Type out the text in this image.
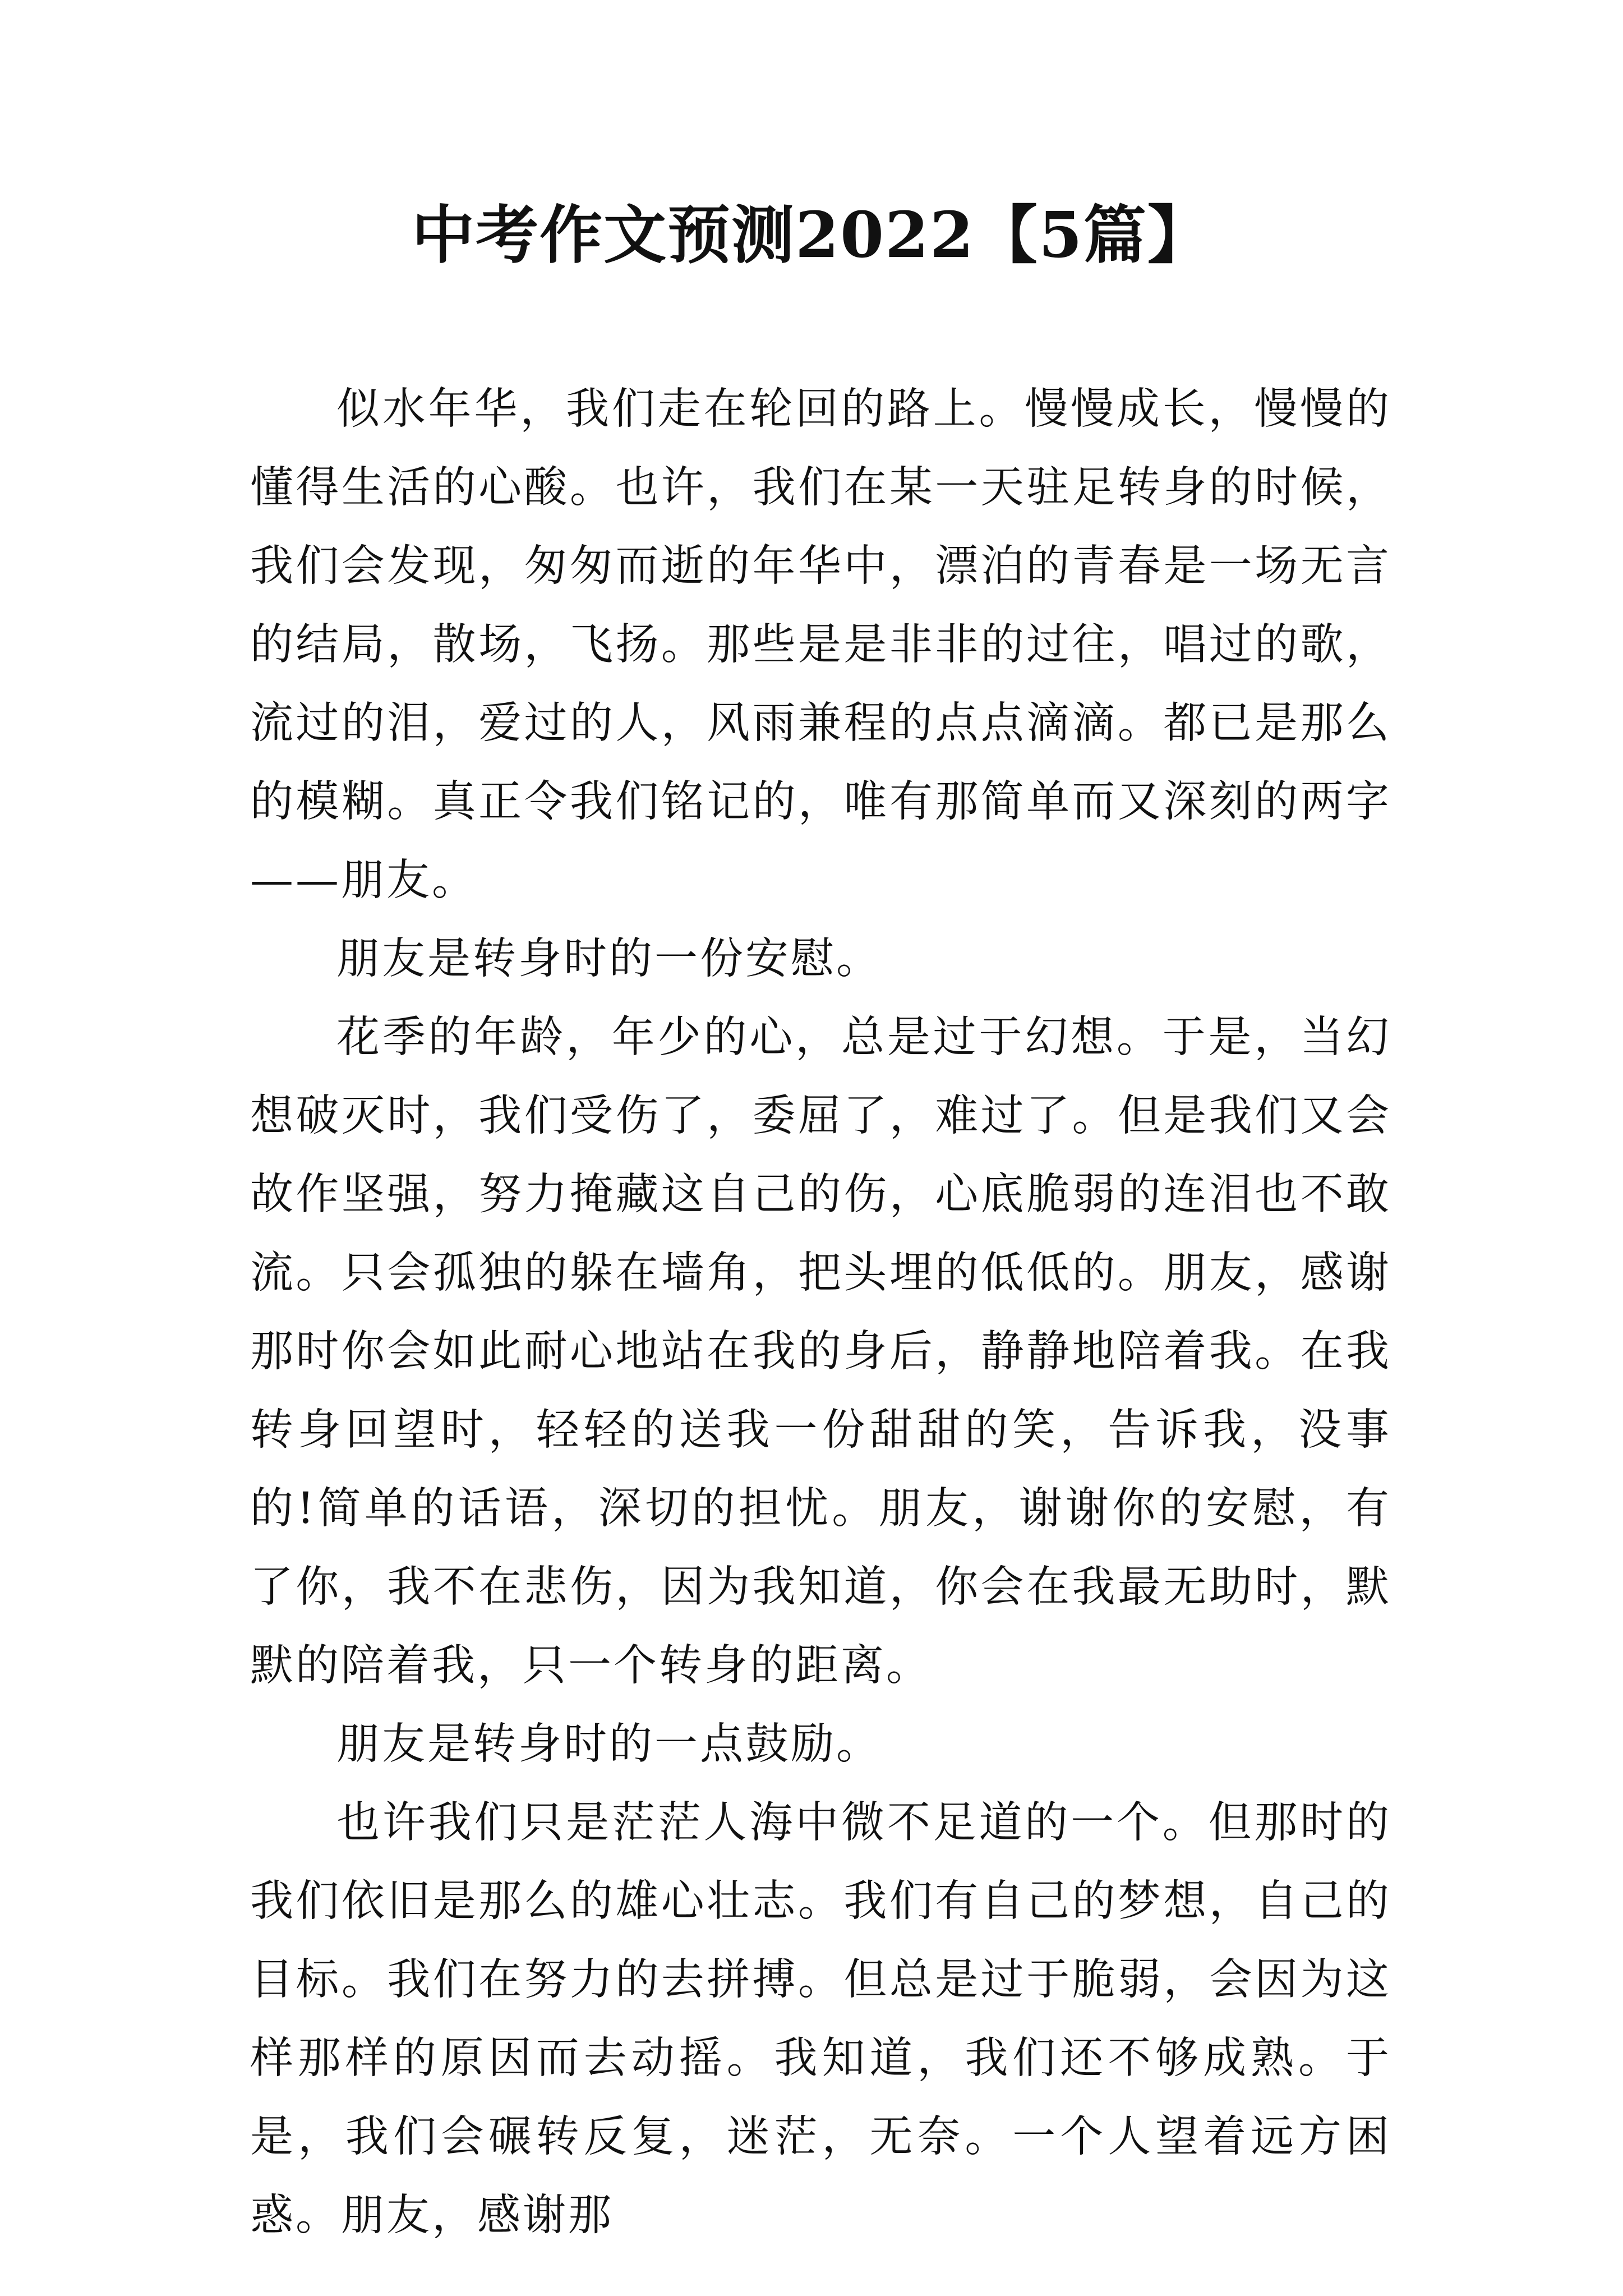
中考作文预测2022【5篇】

似水年华，我们走在轮回的路上。慢慢成长，慢慢的懂得生活的心酸。也许，我们在某一天驻足转身的时候，我们会发现，匆匆而逝的年华中，漂泊的青春是一场无言的结局，散场，飞扬。那些是是非非的过往，唱过的歌，流过的泪，爱过的人，风雨兼程的点点滴滴。都已是那么的模糊。真正令我们铭记的，唯有那简单而又深刻的两字——朋友。

朋友是转身时的一份安慰。

花季的年龄，年少的心，总是过于幻想。于是，当幻想破灭时，我们受伤了，委屈了，难过了。但是我们又会故作坚强，努力掩藏这自己的伤，心底脆弱的连泪也不敢流。只会孤独的躲在墙角，把头埋的低低的。朋友，感谢那时你会如此耐心地站在我的身后，静静地陪着我。在我转身回望时，轻轻的送我一份甜甜的笑，告诉我，没事的!简单的话语，深切的担忧。朋友，谢谢你的安慰，有了你，我不在悲伤，因为我知道，你会在我最无助时，默默的陪着我，只一个转身的距离。

朋友是转身时的一点鼓励。

也许我们只是茫茫人海中微不足道的一个。但那时的我们依旧是那么的雄心壮志。我们有自己的梦想，自己的目标。我们在努力的去拼搏。但总是过于脆弱，会因为这样那样的原因而去动摇。我知道，我们还不够成熟。于是，我们会碾转反复，迷茫，无奈。一个人望着远方困惑。朋友，感谢那
